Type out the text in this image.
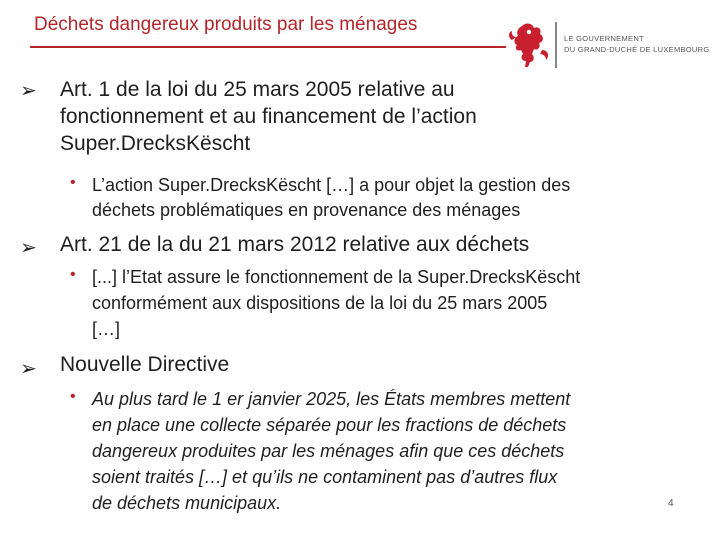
Déchets dangereux produits par les ménages
LE GOUVERNEMENT
DU GRAND-DUCHÉ DE LUXEMBOURG
➢ Art. 1 de la loi du 25 mars 2005 relative au
fonctionnement et au financement de l’action
Super.DrecksKëscht
• L’action Super.DrecksKëscht […] a pour objet la gestion des
déchets problématiques en provenance des ménages
➢ Art. 21 de la du 21 mars 2012 relative aux déchets
• [...] l’Etat assure le fonctionnement de la Super.DrecksKëscht
conformément aux dispositions de la loi du 25 mars 2005
[…]
➢ Nouvelle Directive
• Au plus tard le 1 er janvier 2025, les États membres mettent
en place une collecte séparée pour les fractions de déchets
dangereux produites par les ménages afin que ces déchets
soient traités […] et qu’ils ne contaminent pas d’autres flux
de déchets municipaux.	4
